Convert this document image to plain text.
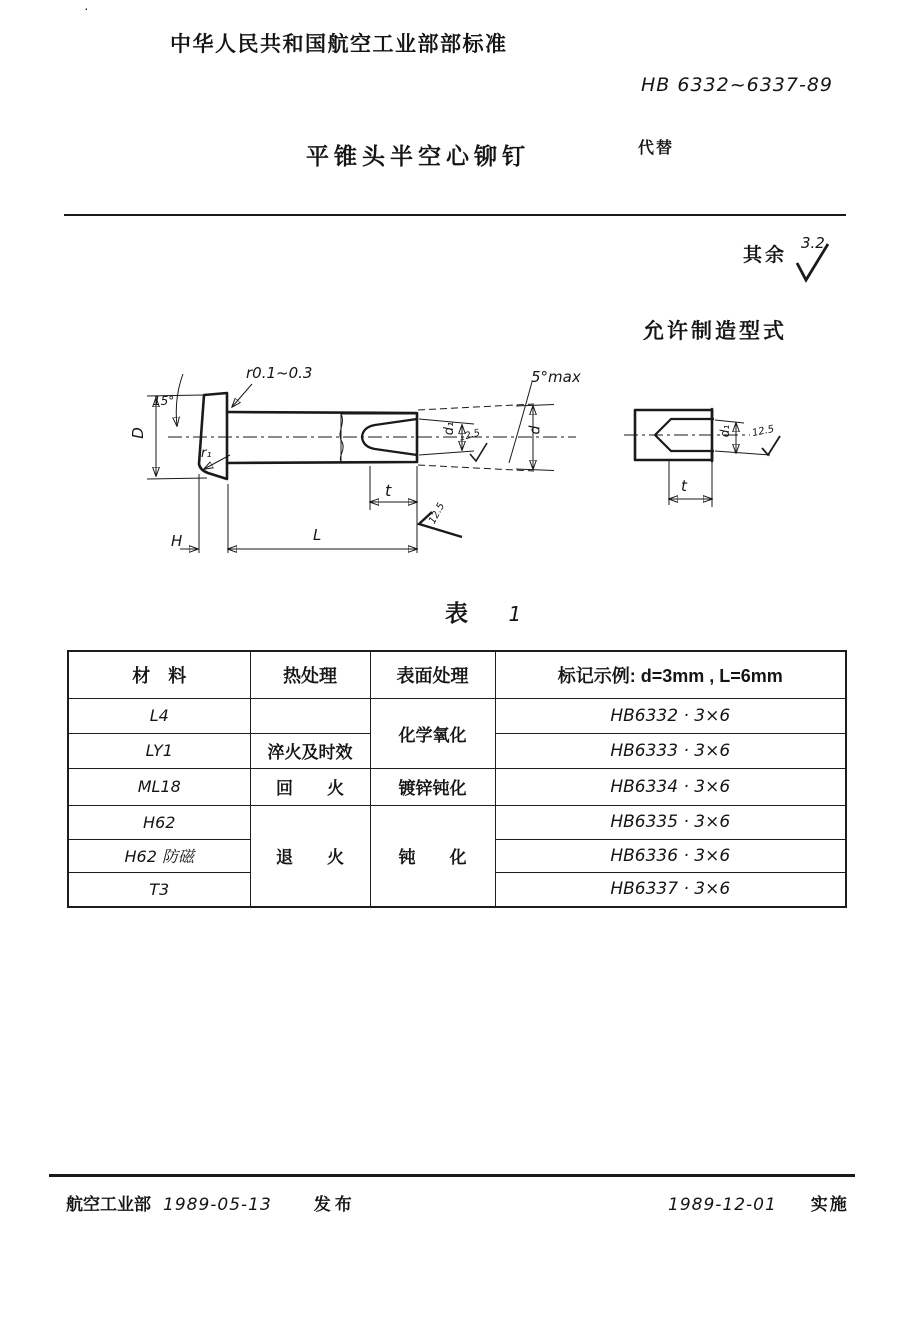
·
中华人民共和国航空工业部部标准
HB 6332~6337-89
平锥头半空心铆钉	代替
其余
3.2
允许制造型式
r0.1~0.3	5°max
15°
D
r₁
H	L
t
d₁ 12.5	d
12.5
d₁ 12.5
t
表 1
材　料	热处理	表面处理	标记示例: d=3mm , L=6mm
L4		化学氧化	HB6332 · 3×6
LY1	淬火及时效		HB6333 · 3×6
ML18	回　　火	镀锌钝化	HB6334 · 3×6
H62	退　　火	钝　　化	HB6335 · 3×6
H62 防磁			HB6336 · 3×6
T3			HB6337 · 3×6
航空工业部 1989-05-13 发布	1989-12-01 实施
